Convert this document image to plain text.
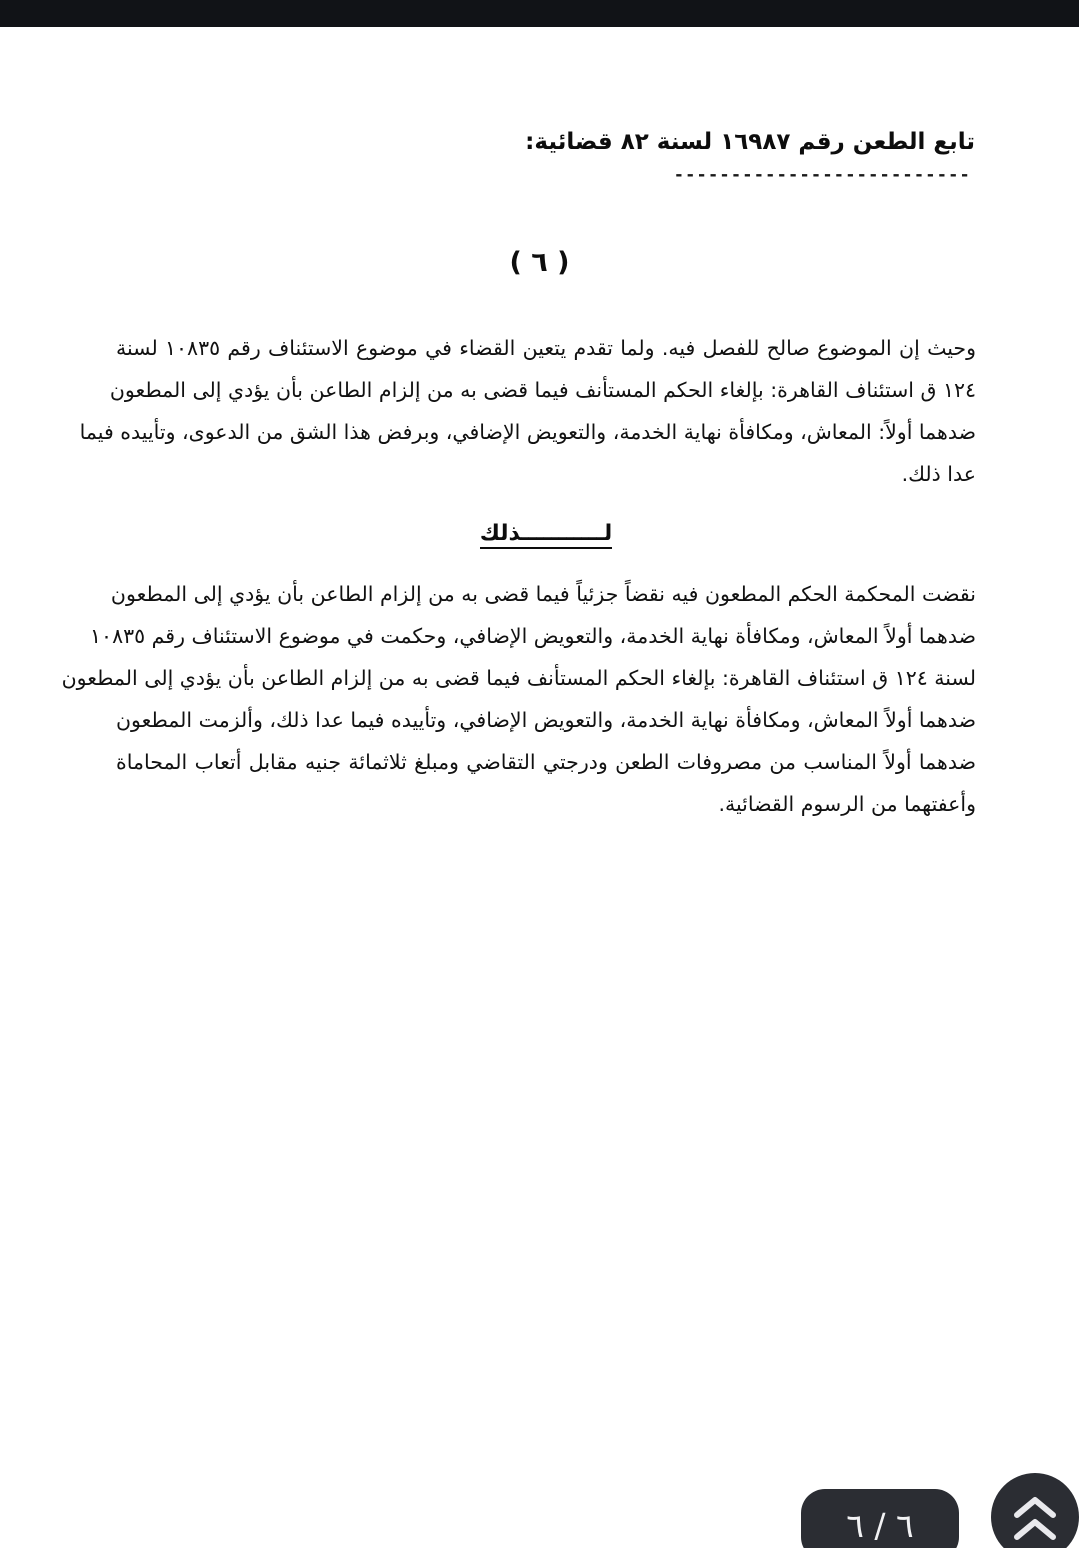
تابع الطعن رقم ١٦٩٨٧ لسنة ٨٢ قضائية:
--------------------------
( ٦ )
وحيث إن الموضوع صالح للفصل فيه. ولما تقدم يتعين القضاء في موضوع الاستئناف رقم ١٠٨٣٥ لسنة
١٢٤ ق استئناف القاهرة: بإلغاء الحكم المستأنف فيما قضى به من إلزام الطاعن بأن يؤدي إلى المطعون
ضدهما أولاً: المعاش، ومكافأة نهاية الخدمة، والتعويض الإضافي، وبرفض هذا الشق من الدعوى، وتأييده فيما
عدا ذلك.
لـــــــــــذلك
نقضت المحكمة الحكم المطعون فيه نقضاً جزئياً فيما قضى به من إلزام الطاعن بأن يؤدي إلى المطعون
ضدهما أولاً المعاش، ومكافأة نهاية الخدمة، والتعويض الإضافي، وحكمت في موضوع الاستئناف رقم ١٠٨٣٥
لسنة ١٢٤ ق استئناف القاهرة: بإلغاء الحكم المستأنف فيما قضى به من إلزام الطاعن بأن يؤدي إلى المطعون
ضدهما أولاً المعاش، ومكافأة نهاية الخدمة، والتعويض الإضافي، وتأييده فيما عدا ذلك، وألزمت المطعون
ضدهما أولاً المناسب من مصروفات الطعن ودرجتي التقاضي ومبلغ ثلاثمائة جنيه مقابل أتعاب المحاماة
وأعفتهما من الرسوم القضائية.
٦ / ٦
